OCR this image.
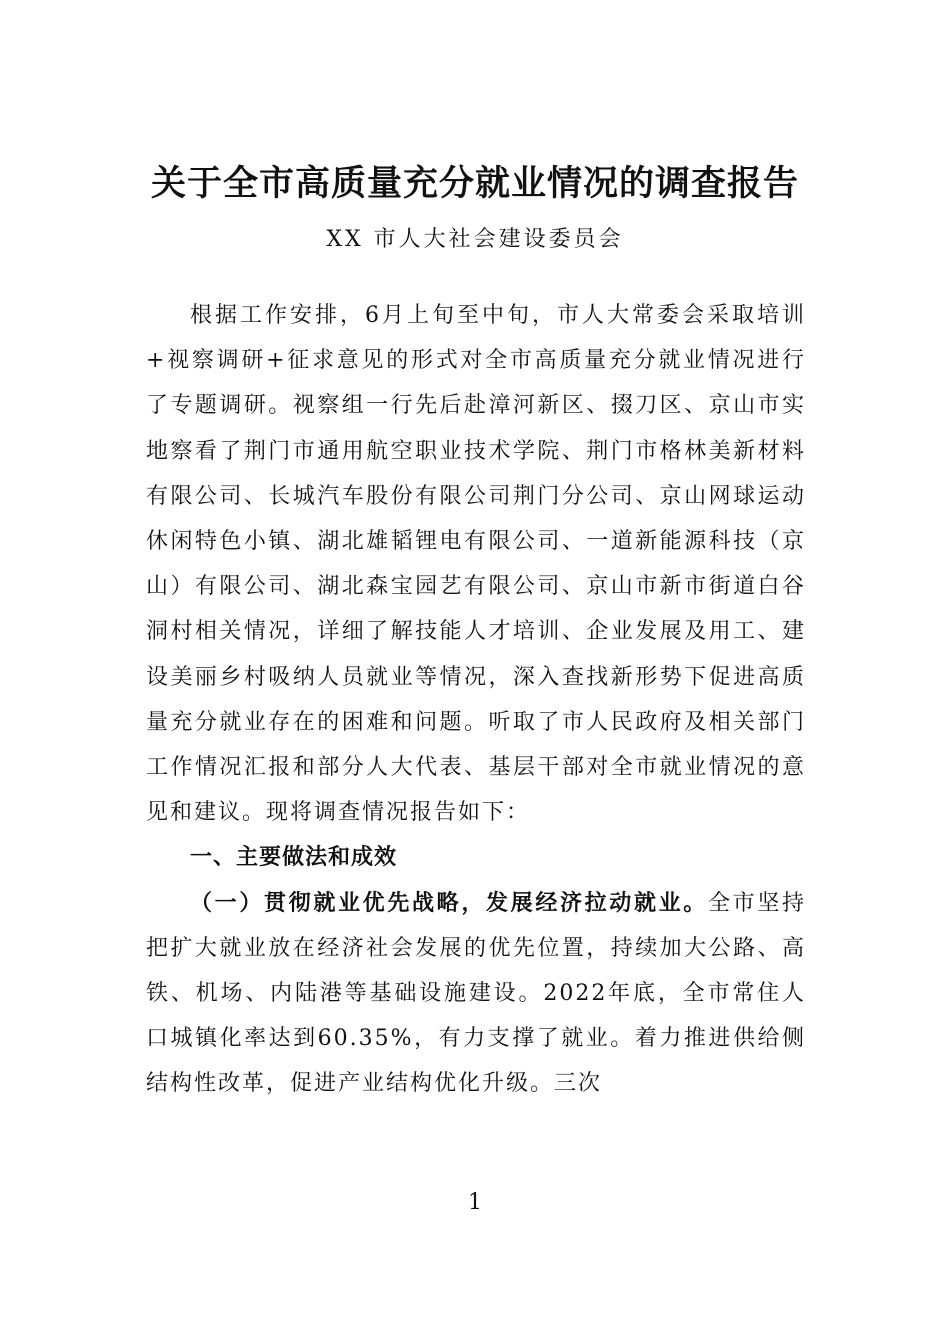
关于全市高质量充分就业情况的调查报告
XX 市人大社会建设委员会

根据工作安排，6月上旬至中旬，市人大常委会采取培训+视察调研+征求意见的形式对全市高质量充分就业情况进行了专题调研。视察组一行先后赴漳河新区、掇刀区、京山市实地察看了荆门市通用航空职业技术学院、荆门市格林美新材料有限公司、长城汽车股份有限公司荆门分公司、京山网球运动休闲特色小镇、湖北雄韬锂电有限公司、一道新能源科技（京山）有限公司、湖北森宝园艺有限公司、京山市新市街道白谷洞村相关情况，详细了解技能人才培训、企业发展及用工、建设美丽乡村吸纳人员就业等情况，深入查找新形势下促进高质量充分就业存在的困难和问题。听取了市人民政府及相关部门工作情况汇报和部分人大代表、基层干部对全市就业情况的意见和建议。现将调查情况报告如下：

一、主要做法和成效

（一）贯彻就业优先战略，发展经济拉动就业。全市坚持把扩大就业放在经济社会发展的优先位置，持续加大公路、高铁、机场、内陆港等基础设施建设。2022年底，全市常住人口城镇化率达到60.35%，有力支撑了就业。着力推进供给侧结构性改革，促进产业结构优化升级。三次

1
